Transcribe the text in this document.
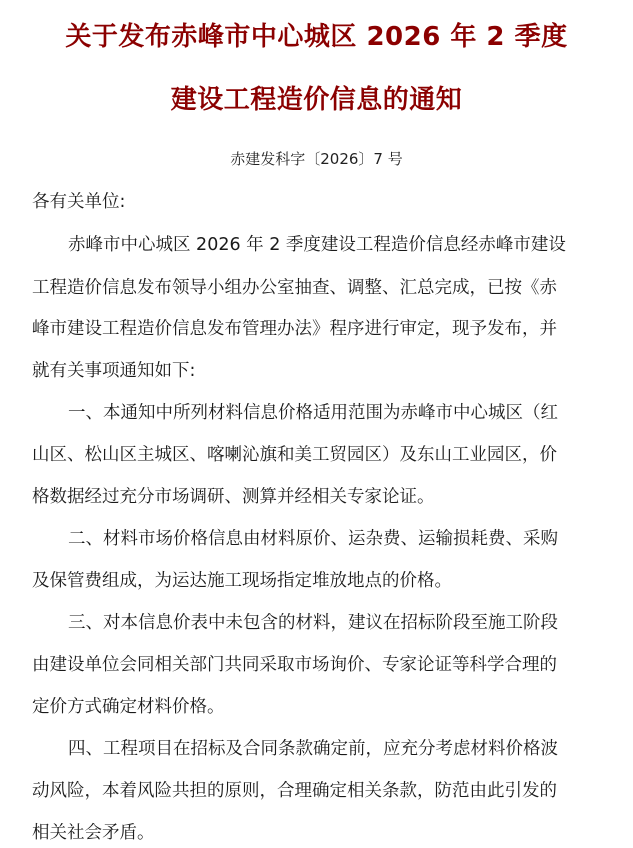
关于发布赤峰市中心城区 2026 年 2 季度
建设工程造价信息的通知
赤建发科字〔2026〕7 号
各有关单位:
赤峰市中心城区 2026 年 2 季度建设工程造价信息经赤峰市建设
工程造价信息发布领导小组办公室抽查、调整、汇总完成，已按《赤
峰市建设工程造价信息发布管理办法》程序进行审定，现予发布，并
就有关事项通知如下:
一、本通知中所列材料信息价格适用范围为赤峰市中心城区（红
山区、松山区主城区、喀喇沁旗和美工贸园区）及东山工业园区，价
格数据经过充分市场调研、测算并经相关专家论证。
二、材料市场价格信息由材料原价、运杂费、运输损耗费、采购
及保管费组成，为运达施工现场指定堆放地点的价格。
三、对本信息价表中未包含的材料，建议在招标阶段至施工阶段
由建设单位会同相关部门共同采取市场询价、专家论证等科学合理的
定价方式确定材料价格。
四、工程项目在招标及合同条款确定前，应充分考虑材料价格波
动风险，本着风险共担的原则，合理确定相关条款，防范由此引发的
相关社会矛盾。
